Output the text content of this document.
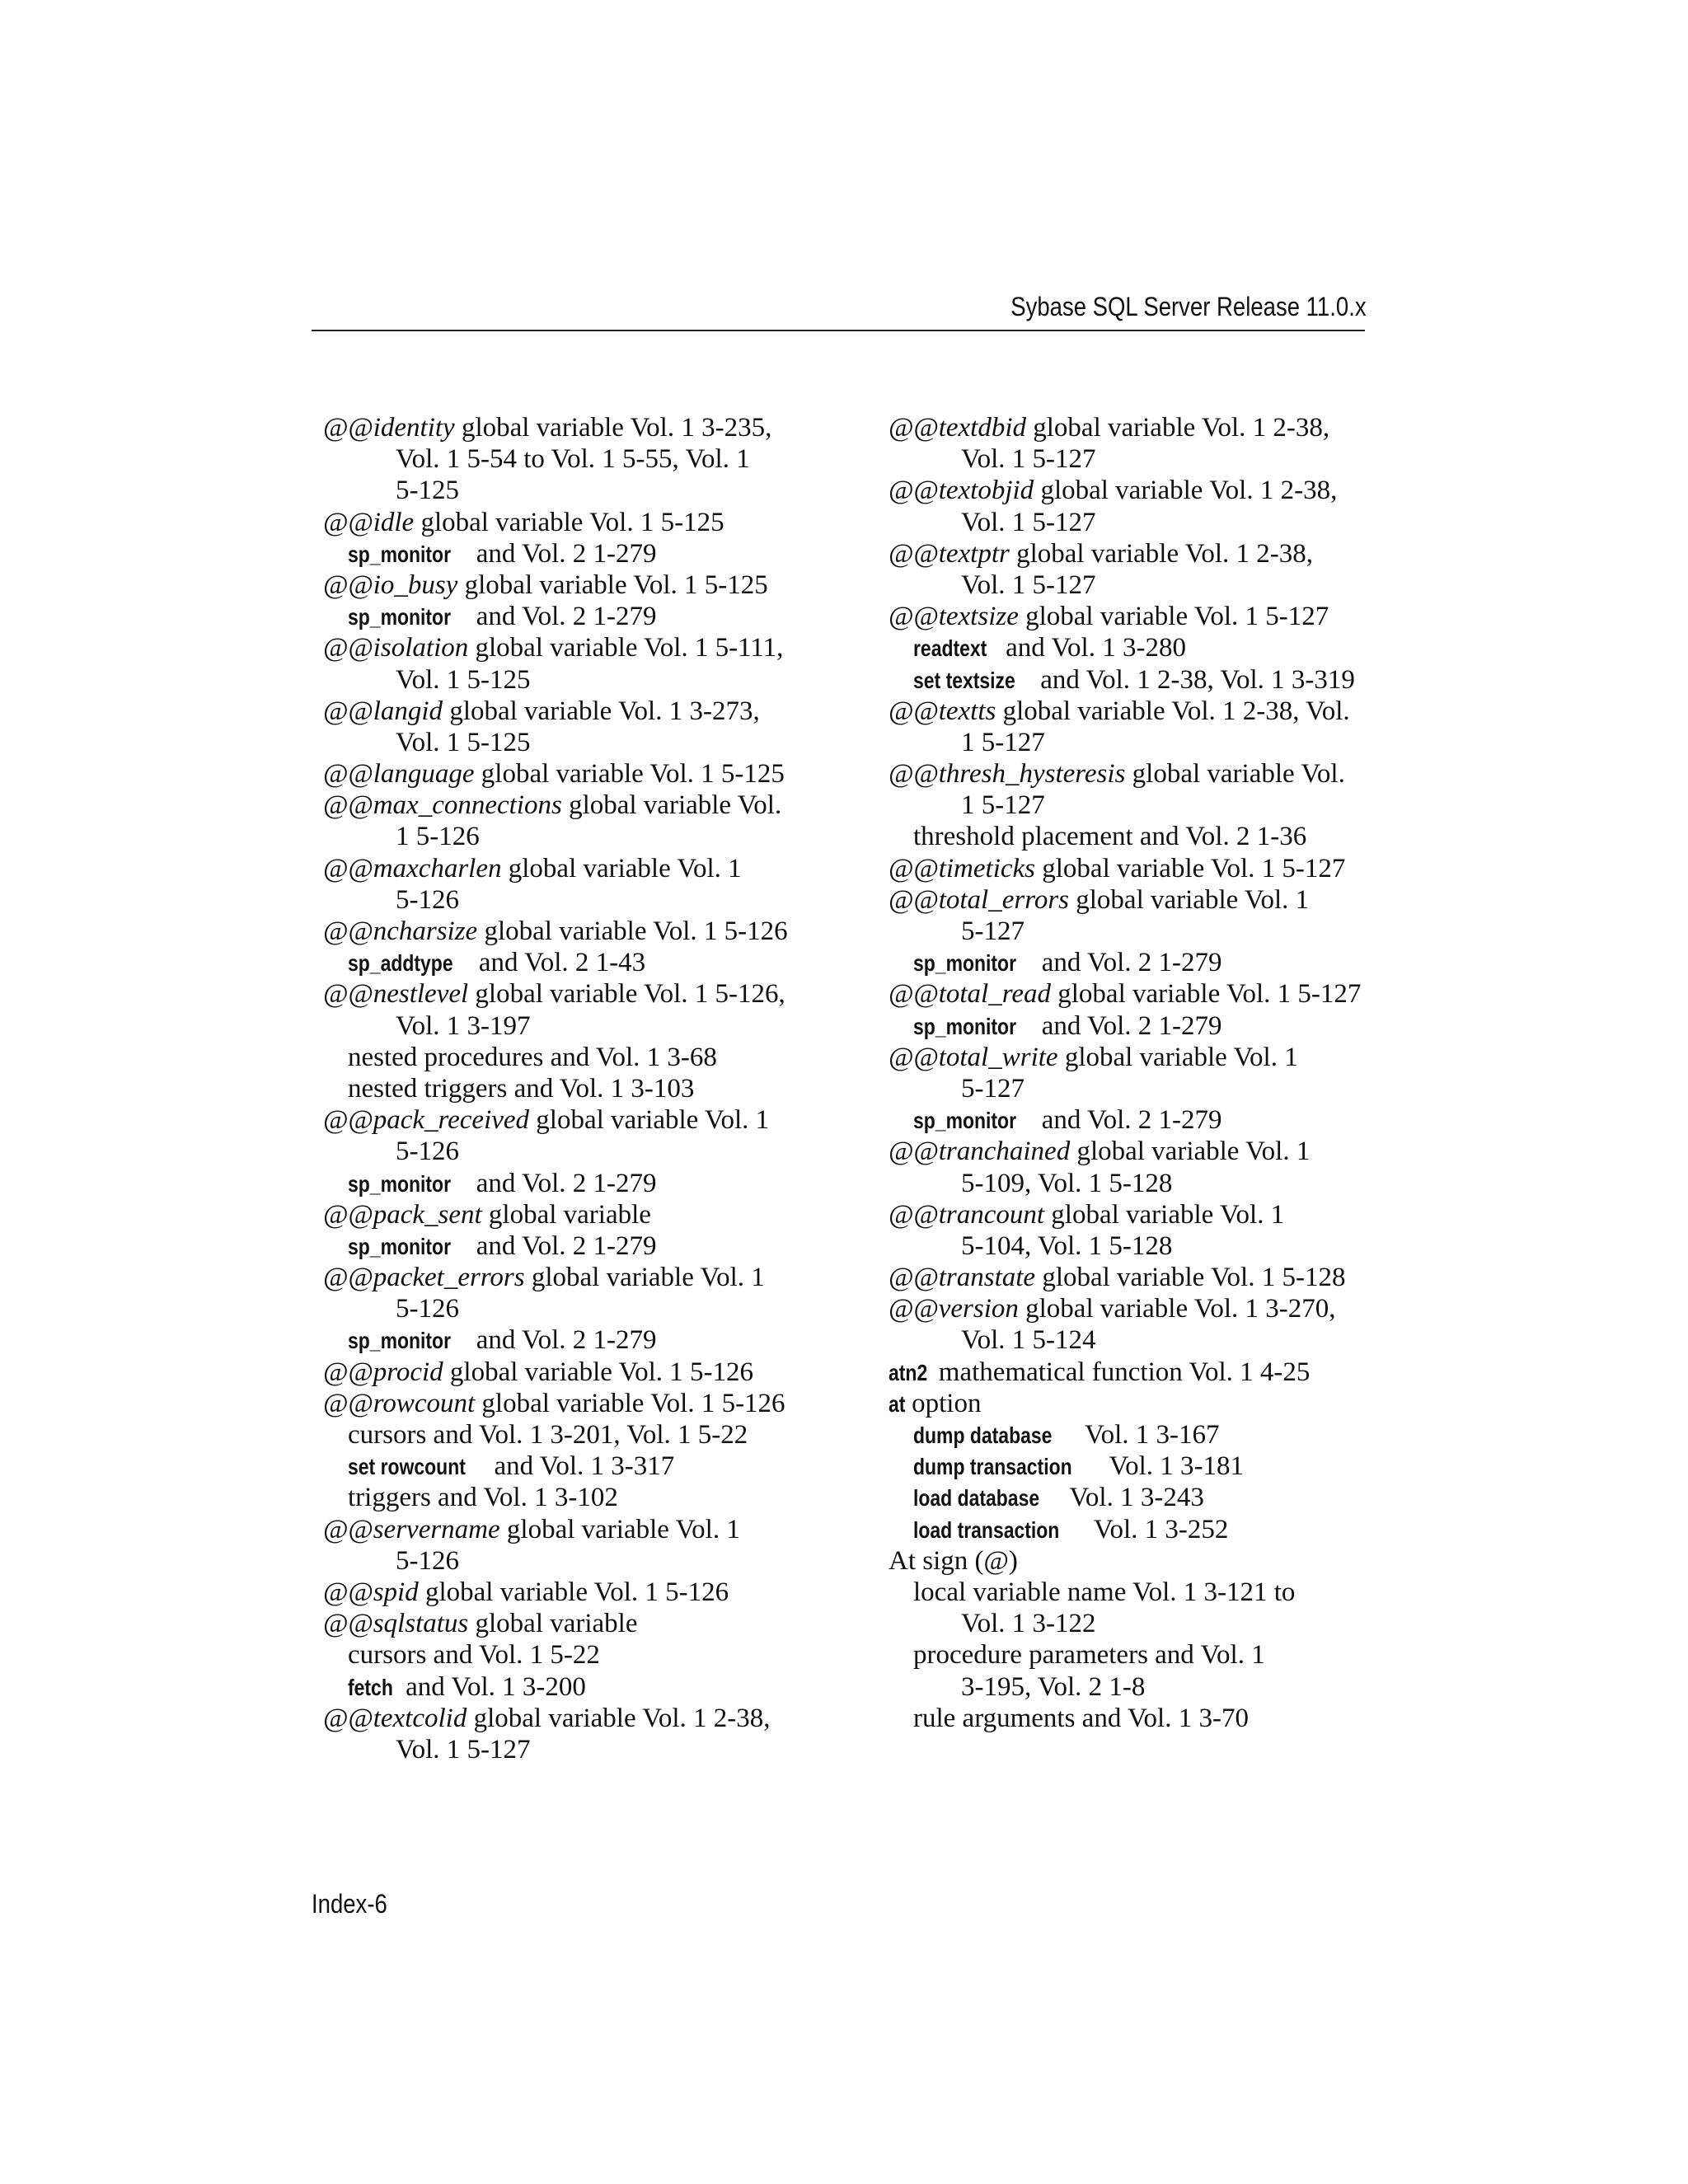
Sybase SQL Server Release 11.0.x
@@identity global variable Vol. 1 3-235,
Vol. 1 5-54 to Vol. 1 5-55, Vol. 1
5-125
@@idle global variable Vol. 1 5-125
sp_monitor and Vol. 2 1-279
@@io_busy global variable Vol. 1 5-125
sp_monitor and Vol. 2 1-279
@@isolation global variable Vol. 1 5-111,
Vol. 1 5-125
@@langid global variable Vol. 1 3-273,
Vol. 1 5-125
@@language global variable Vol. 1 5-125
@@max_connections global variable Vol.
1 5-126
@@maxcharlen global variable Vol. 1
5-126
@@ncharsize global variable Vol. 1 5-126
sp_addtype and Vol. 2 1-43
@@nestlevel global variable Vol. 1 5-126,
Vol. 1 3-197
nested procedures and Vol. 1 3-68
nested triggers and Vol. 1 3-103
@@pack_received global variable Vol. 1
5-126
sp_monitor and Vol. 2 1-279
@@pack_sent global variable
sp_monitor and Vol. 2 1-279
@@packet_errors global variable Vol. 1
5-126
sp_monitor and Vol. 2 1-279
@@procid global variable Vol. 1 5-126
@@rowcount global variable Vol. 1 5-126
cursors and Vol. 1 3-201, Vol. 1 5-22
set rowcount and Vol. 1 3-317
triggers and Vol. 1 3-102
@@servername global variable Vol. 1
5-126
@@spid global variable Vol. 1 5-126
@@sqlstatus global variable
cursors and Vol. 1 5-22
fetch and Vol. 1 3-200
@@textcolid global variable Vol. 1 2-38,
Vol. 1 5-127
@@textdbid global variable Vol. 1 2-38,
Vol. 1 5-127
@@textobjid global variable Vol. 1 2-38,
Vol. 1 5-127
@@textptr global variable Vol. 1 2-38,
Vol. 1 5-127
@@textsize global variable Vol. 1 5-127
readtext and Vol. 1 3-280
set textsize and Vol. 1 2-38, Vol. 1 3-319
@@textts global variable Vol. 1 2-38, Vol.
1 5-127
@@thresh_hysteresis global variable Vol.
1 5-127
threshold placement and Vol. 2 1-36
@@timeticks global variable Vol. 1 5-127
@@total_errors global variable Vol. 1
5-127
sp_monitor and Vol. 2 1-279
@@total_read global variable Vol. 1 5-127
sp_monitor and Vol. 2 1-279
@@total_write global variable Vol. 1
5-127
sp_monitor and Vol. 2 1-279
@@tranchained global variable Vol. 1
5-109, Vol. 1 5-128
@@trancount global variable Vol. 1
5-104, Vol. 1 5-128
@@transtate global variable Vol. 1 5-128
@@version global variable Vol. 1 3-270,
Vol. 1 5-124
atn2 mathematical function Vol. 1 4-25
at option
dump database Vol. 1 3-167
dump transaction Vol. 1 3-181
load database Vol. 1 3-243
load transaction Vol. 1 3-252
At sign (@)
local variable name Vol. 1 3-121 to
Vol. 1 3-122
procedure parameters and Vol. 1
3-195, Vol. 2 1-8
rule arguments and Vol. 1 3-70
Index-6
